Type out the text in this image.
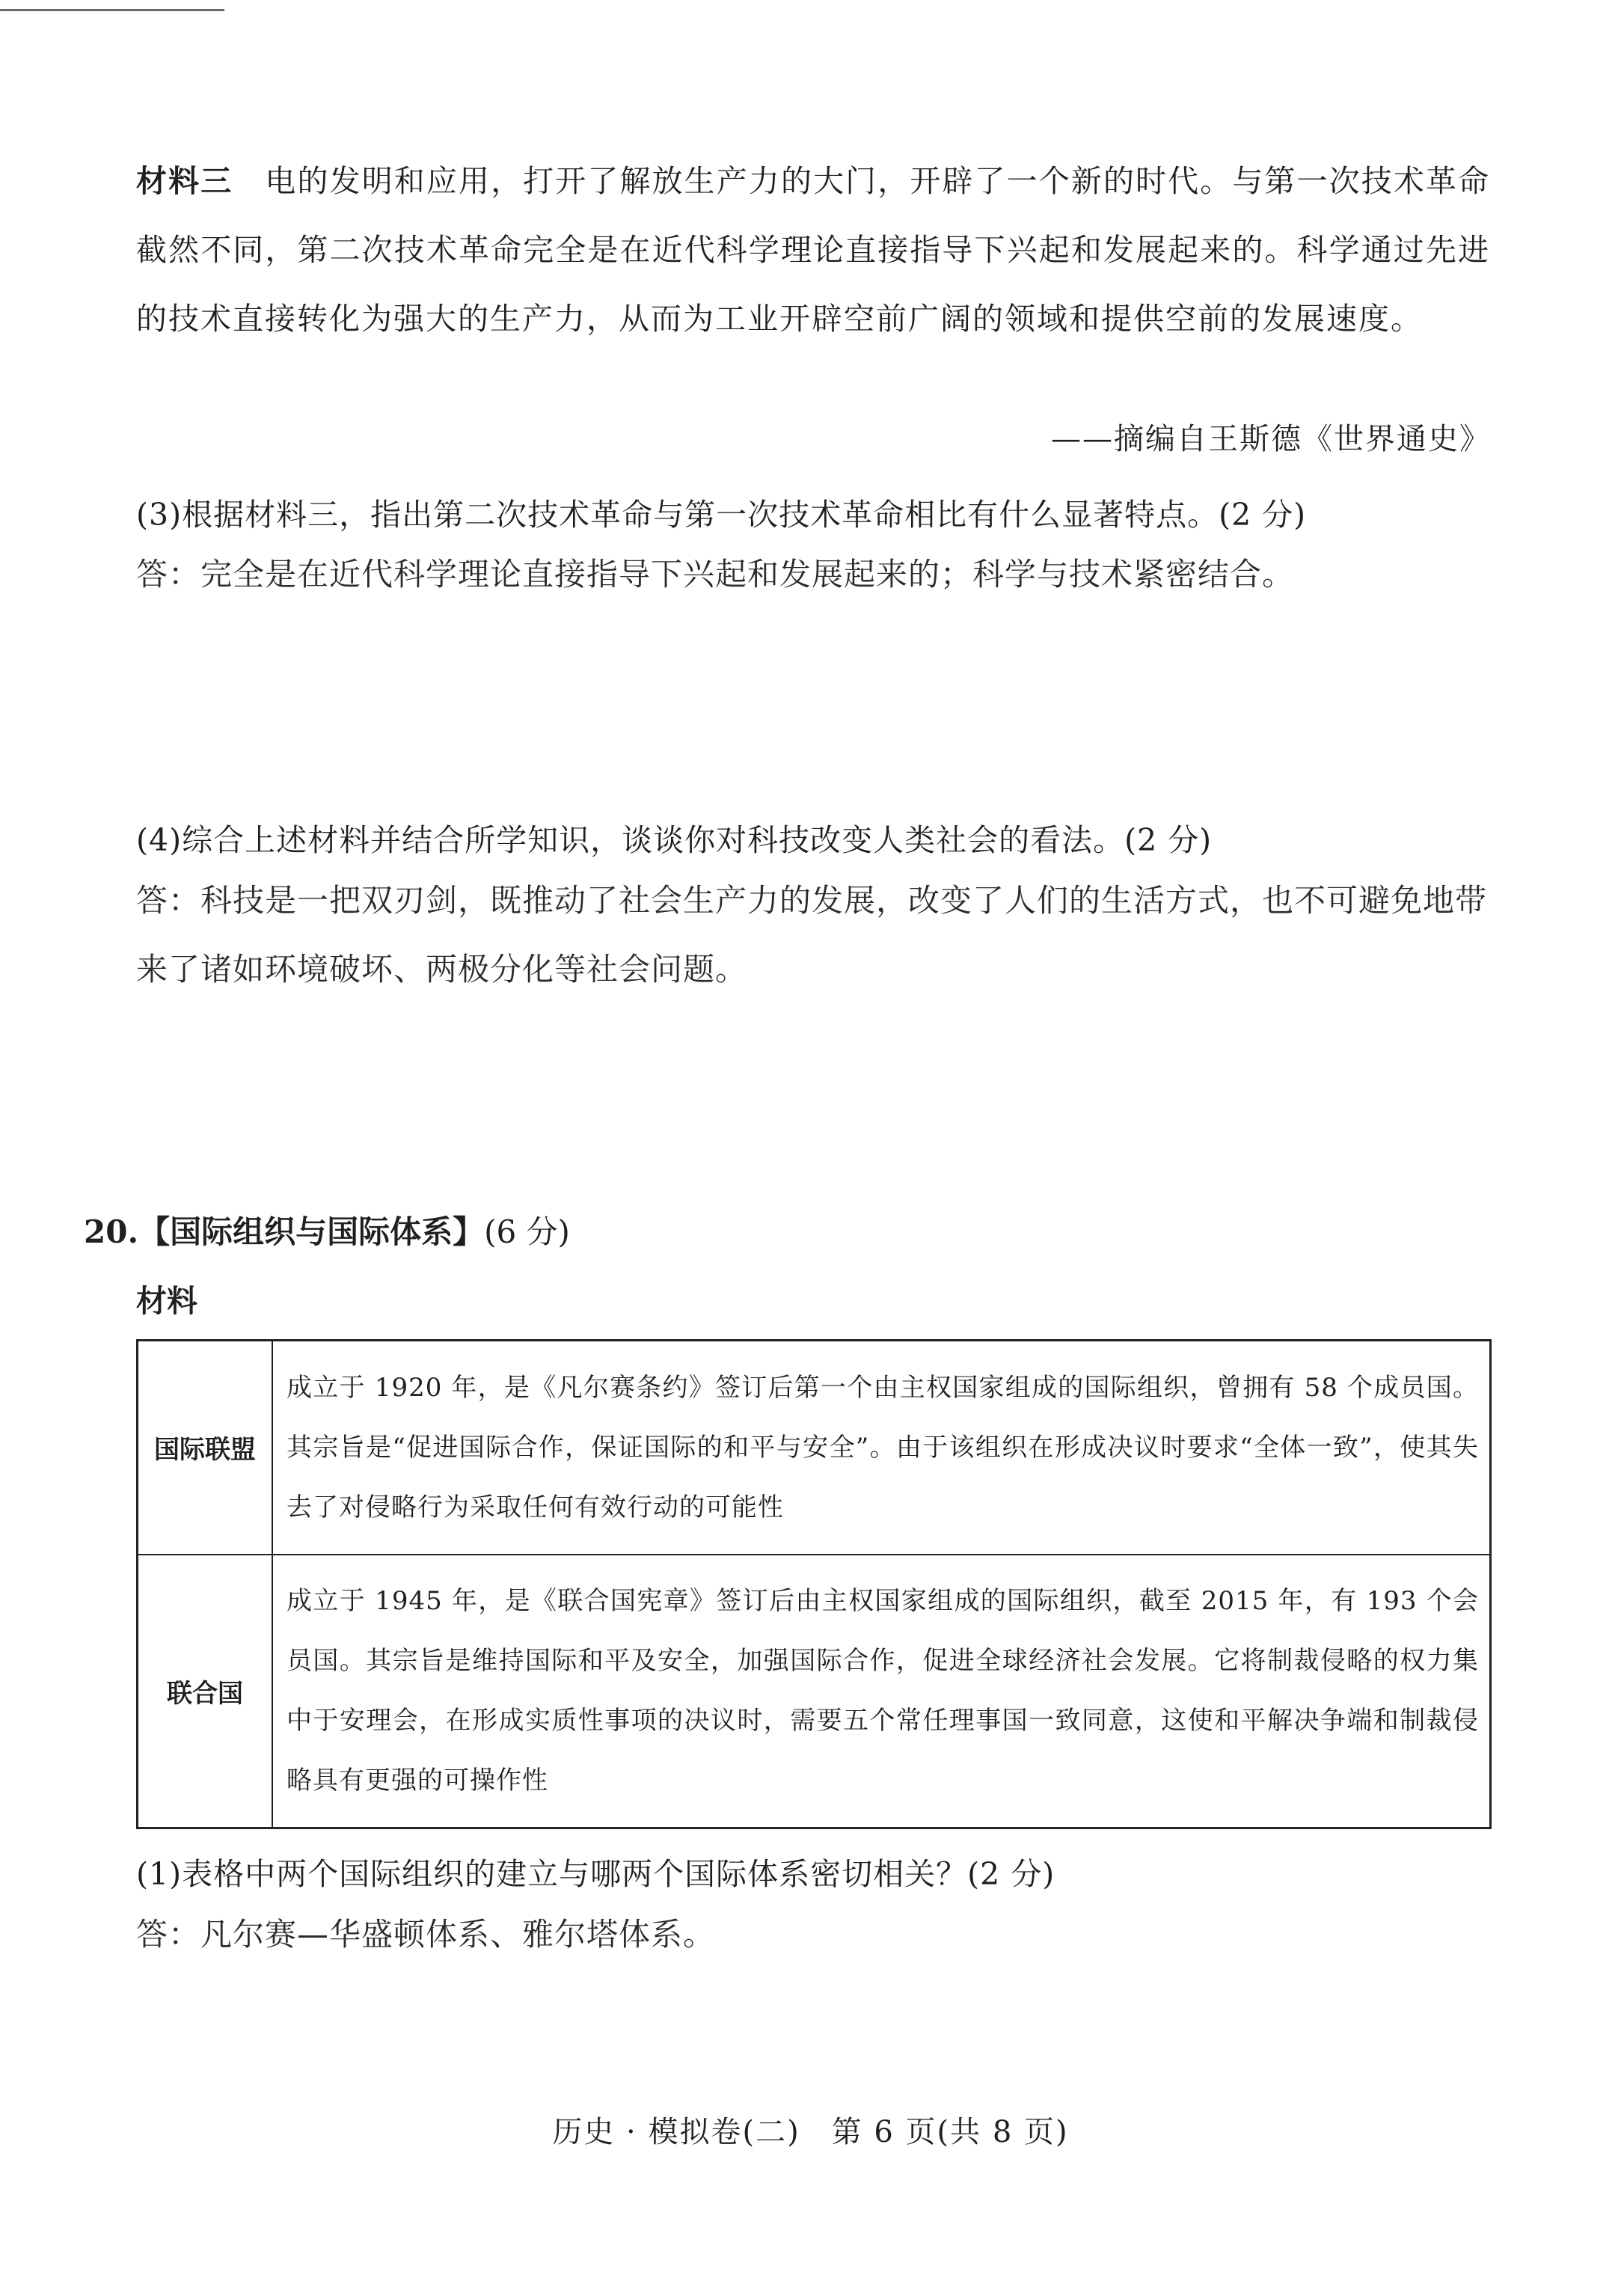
材料三　 电的发明和应用，打开了解放生产力的大门，开辟了一个新的时代。与第一次技术革命截然不同，第二次技术革命完全是在近代科学理论直接指导下兴起和发展起来的。科学通过先进的技术直接转化为强大的生产力，从而为工业开辟空前广阔的领域和提供空前的发展速度。

——摘编自王斯德《世界通史》
(3)根据材料三，指出第二次技术革命与第一次技术革命相比有什么显著特点。(2 分)
答：完全是在近代科学理论直接指导下兴起和发展起来的；科学与技术紧密结合。
(4)综合上述材料并结合所学知识，谈谈你对科技改变人类社会的看法。(2 分)
答：科技是一把双刃剑，既推动了社会生产力的发展，改变了人们的生活方式，也不可避免地带来了诸如环境破坏、两极分化等社会问题。
20.【国际组织与国际体系】(6 分)
材料
国际联盟	成立于 1920 年，是《凡尔赛条约》签订后第一个由主权国家组成的国际组织，曾拥有 58 个成员国。其宗旨是“促进国际合作，保证国际的和平与安全”。由于该组织在形成决议时要求“全体一致”，使其失去了对侵略行为采取任何有效行动的可能性
联合国	成立于 1945 年，是《联合国宪章》签订后由主权国家组成的国际组织，截至 2015 年，有 193 个会员国。其宗旨是维持国际和平及安全，加强国际合作，促进全球经济社会发展。它将制裁侵略的权力集中于安理会，在形成实质性事项的决议时，需要五个常任理事国一致同意，这使和平解决争端和制裁侵略具有更强的可操作性
(1)表格中两个国际组织的建立与哪两个国际体系密切相关？(2 分)
答：凡尔赛—华盛顿体系、雅尔塔体系。
历史 · 模拟卷(二)　第 6 页(共 8 页)
